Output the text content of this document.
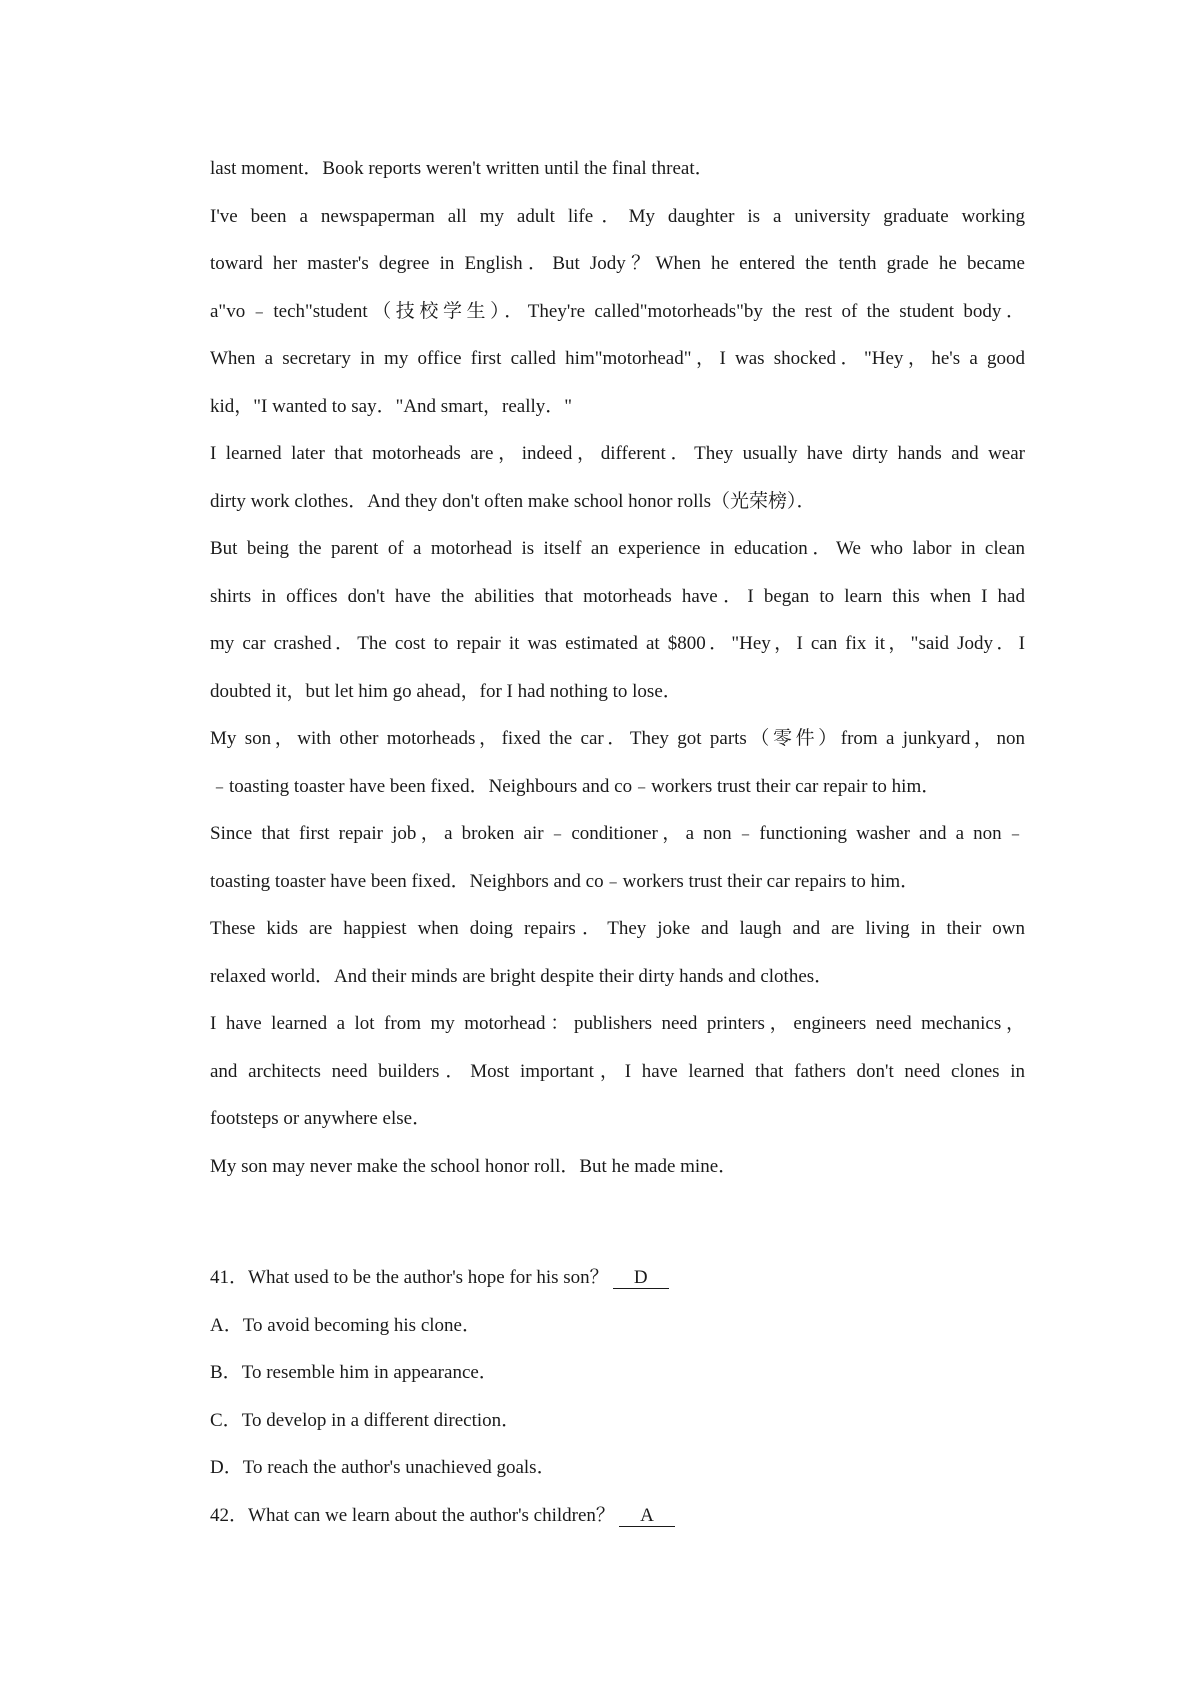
last moment．Book reports weren't written until the final threat．
I've been a newspaperman all my adult life．My daughter is a university graduate working
toward her master's degree in English．But Jody？When he entered the tenth grade he became
a"vo﹣tech"student（技校学生）．They're called"motorheads"by the rest of the student body．
When a secretary in my office first called him"motorhead"，I was shocked．"Hey，he's a good
kid，"I wanted to say．"And smart，really．"
I learned later that motorheads are，indeed，different．They usually have dirty hands and wear
dirty work clothes．And they don't often make school honor rolls（光荣榜）．
But being the parent of a motorhead is itself an experience in education．We who labor in clean
shirts in offices don't have the abilities that motorheads have．I began to learn this when I had
my car crashed．The cost to repair it was estimated at $800．"Hey，I can fix it，"said Jody．I
doubted it，but let him go ahead，for I had nothing to lose．
My son，with other motorheads，fixed the car．They got parts（零件）from a junkyard，non
﹣toasting toaster have been fixed．Neighbours and co﹣workers trust their car repair to him．
Since that first repair job，a broken air﹣conditioner，a non﹣functioning washer and a non﹣
toasting toaster have been fixed．Neighbors and co﹣workers trust their car repairs to him．
These kids are happiest when doing repairs．They joke and laugh and are living in their own
relaxed world．And their minds are bright despite their dirty hands and clothes．
I have learned a lot from my motorhead：publishers need printers，engineers need mechanics，
and architects need builders．Most important，I have learned that fathers don't need clones in
footsteps or anywhere else．
My son may never make the school honor roll．But he made mine．
41．What used to be the author's hope for his son？ D
A．To avoid becoming his clone．
B．To resemble him in appearance．
C．To develop in a different direction．
D．To reach the author's unachieved goals．
42．What can we learn about the author's children？ A
